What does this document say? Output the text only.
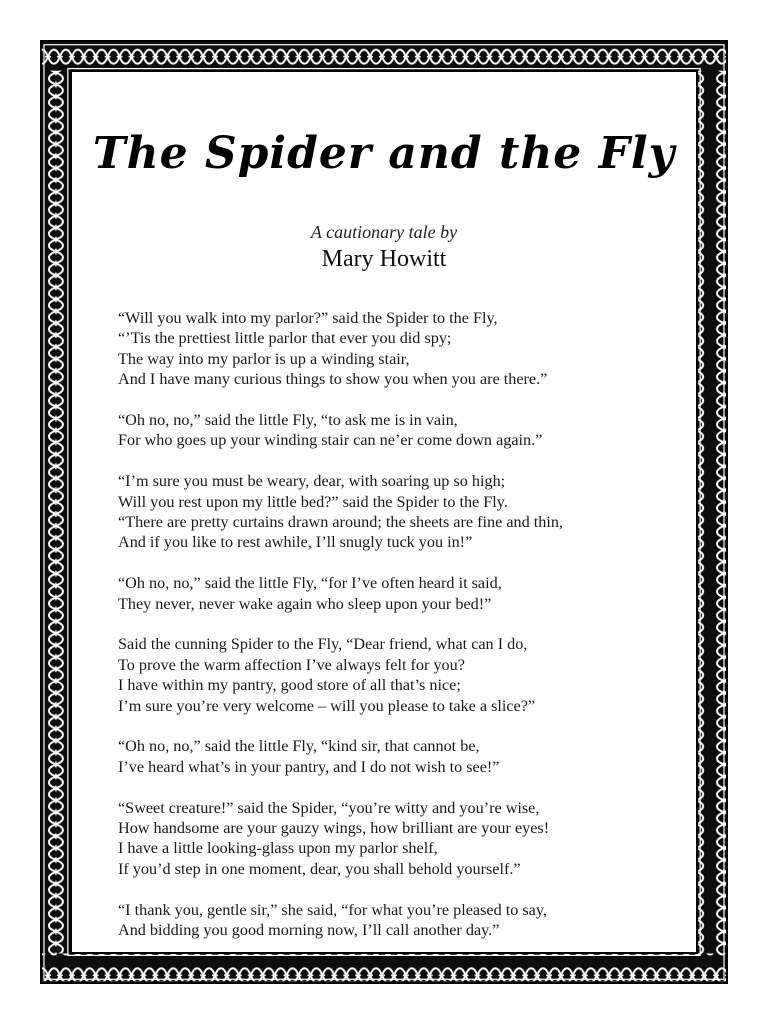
The Spider and the Fly
A cautionary tale by
Mary Howitt
“Will you walk into my parlor?” said the Spider to the Fly,
“’Tis the prettiest little parlor that ever you did spy;
The way into my parlor is up a winding stair,
And I have many curious things to show you when you are there.”
“Oh no, no,” said the little Fly, “to ask me is in vain,
For who goes up your winding stair can ne’er come down again.”
“I’m sure you must be weary, dear, with soaring up so high;
Will you rest upon my little bed?” said the Spider to the Fly.
“There are pretty curtains drawn around; the sheets are fine and thin,
And if you like to rest awhile, I’ll snugly tuck you in!”
“Oh no, no,” said the little Fly, “for I’ve often heard it said,
They never, never wake again who sleep upon your bed!”
Said the cunning Spider to the Fly, “Dear friend, what can I do,
To prove the warm affection I’ve always felt for you?
I have within my pantry, good store of all that’s nice;
I’m sure you’re very welcome – will you please to take a slice?”
“Oh no, no,” said the little Fly, “kind sir, that cannot be,
I’ve heard what’s in your pantry, and I do not wish to see!”
“Sweet creature!” said the Spider, “you’re witty and you’re wise,
How handsome are your gauzy wings, how brilliant are your eyes!
I have a little looking-glass upon my parlor shelf,
If you’d step in one moment, dear, you shall behold yourself.”
“I thank you, gentle sir,” she said, “for what you’re pleased to say,
And bidding you good morning now, I’ll call another day.”
